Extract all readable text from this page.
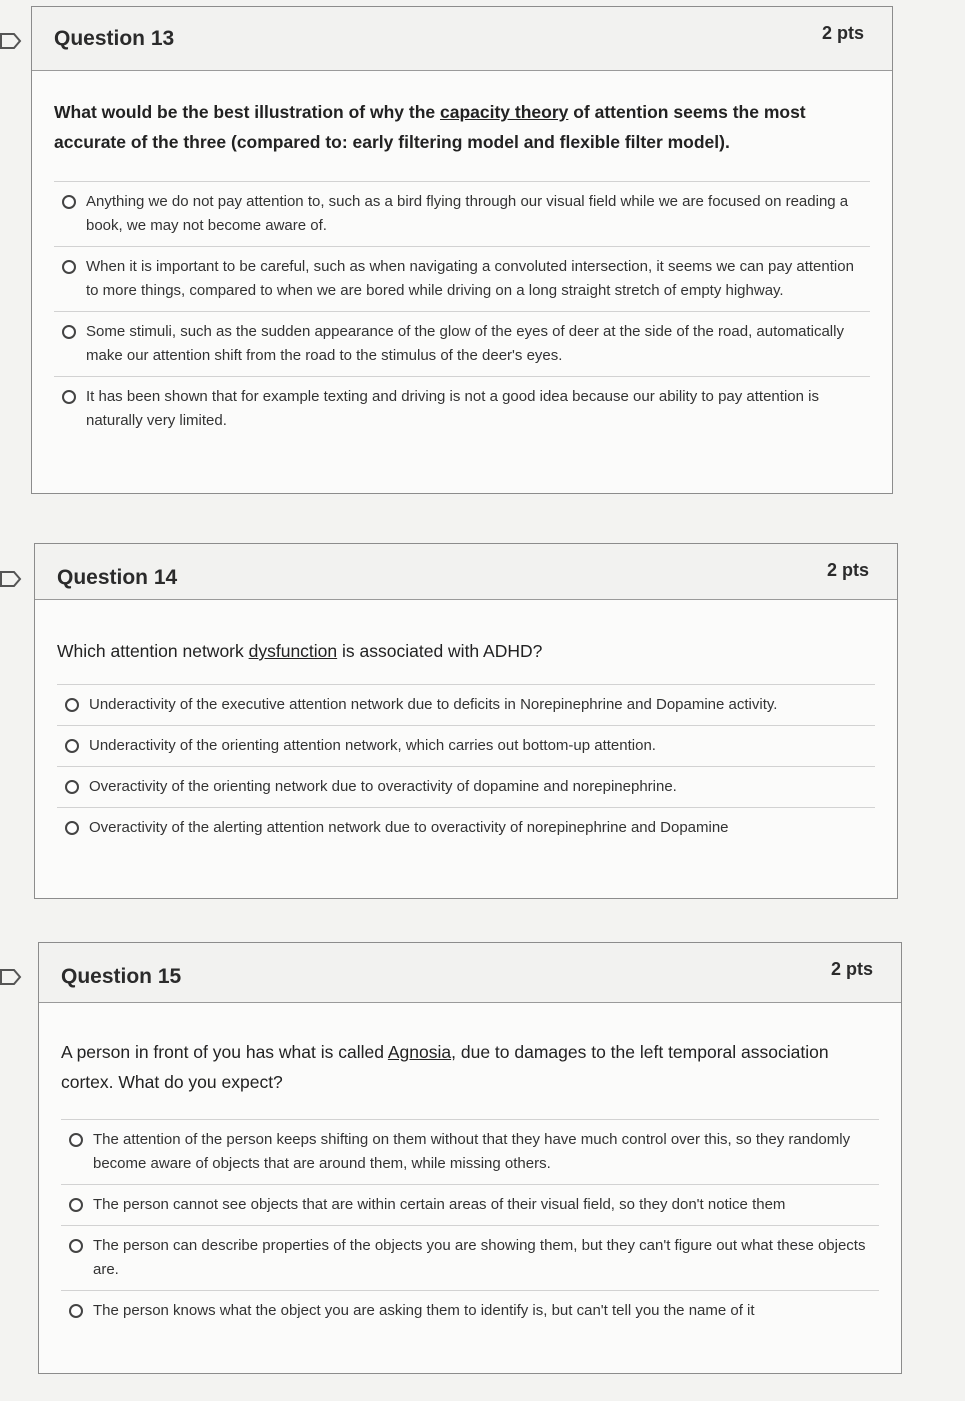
Question 13	2 pts

What would be the best illustration of why the capacity theory of attention seems the most accurate of the three (compared to: early filtering model and flexible filter model).

Anything we do not pay attention to, such as a bird flying through our visual field while we are focused on reading a book, we may not become aware of.
When it is important to be careful, such as when navigating a convoluted intersection, it seems we can pay attention to more things, compared to when we are bored while driving on a long straight stretch of empty highway.
Some stimuli, such as the sudden appearance of the glow of the eyes of deer at the side of the road, automatically make our attention shift from the road to the stimulus of the deer's eyes.
It has been shown that for example texting and driving is not a good idea because our ability to pay attention is naturally very limited.
Question 14	2 pts

Which attention network dysfunction is associated with ADHD?

Underactivity of the executive attention network due to deficits in Norepinephrine and Dopamine activity.
Underactivity of the orienting attention network, which carries out bottom-up attention.
Overactivity of the orienting network due to overactivity of dopamine and norepinephrine.
Overactivity of the alerting attention network due to overactivity of norepinephrine and Dopamine
Question 15	2 pts

A person in front of you has what is called Agnosia, due to damages to the left temporal association cortex. What do you expect?

The attention of the person keeps shifting on them without that they have much control over this, so they randomly become aware of objects that are around them, while missing others.
The person cannot see objects that are within certain areas of their visual field, so they don't notice them
The person can describe properties of the objects you are showing them, but they can't figure out what these objects are.
The person knows what the object you are asking them to identify is, but can't tell you the name of it
